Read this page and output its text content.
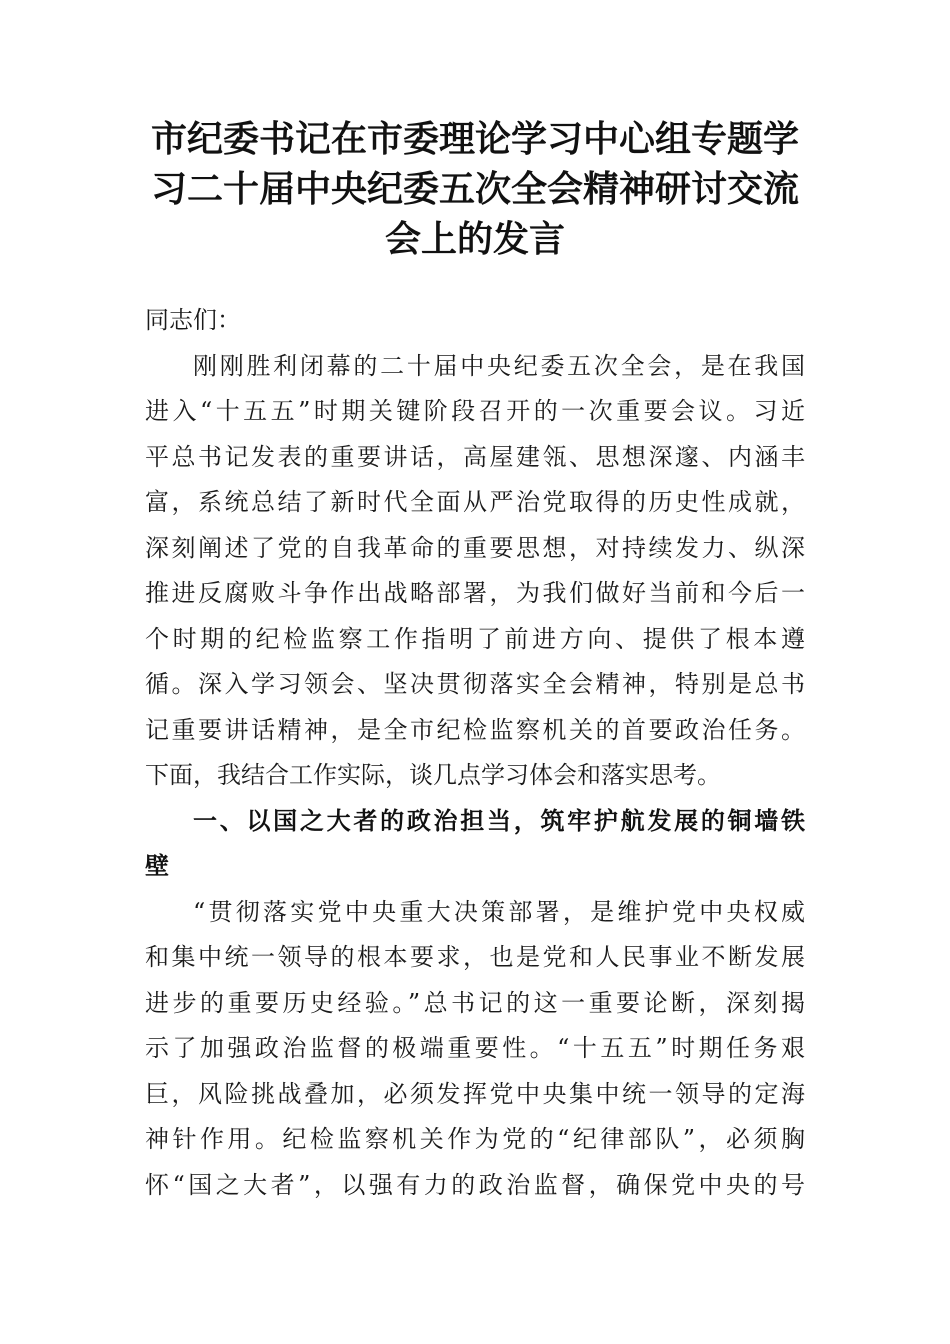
市纪委书记在市委理论学习中心组专题学
习二十届中央纪委五次全会精神研讨交流
会上的发言
同志们：
刚刚胜利闭幕的二十届中央纪委五次全会，是在我国
进入“十五五”时期关键阶段召开的一次重要会议。习近
平总书记发表的重要讲话，高屋建瓴、思想深邃、内涵丰
富，系统总结了新时代全面从严治党取得的历史性成就，
深刻阐述了党的自我革命的重要思想，对持续发力、纵深
推进反腐败斗争作出战略部署，为我们做好当前和今后一
个时期的纪检监察工作指明了前进方向、提供了根本遵
循。深入学习领会、坚决贯彻落实全会精神，特别是总书
记重要讲话精神，是全市纪检监察机关的首要政治任务。
下面，我结合工作实际，谈几点学习体会和落实思考。
一、以国之大者的政治担当，筑牢护航发展的铜墙铁
壁
“贯彻落实党中央重大决策部署，是维护党中央权威
和集中统一领导的根本要求，也是党和人民事业不断发展
进步的重要历史经验。”总书记的这一重要论断，深刻揭
示了加强政治监督的极端重要性。“十五五”时期任务艰
巨，风险挑战叠加，必须发挥党中央集中统一领导的定海
神针作用。纪检监察机关作为党的“纪律部队”，必须胸
怀“国之大者”，以强有力的政治监督，确保党中央的号
